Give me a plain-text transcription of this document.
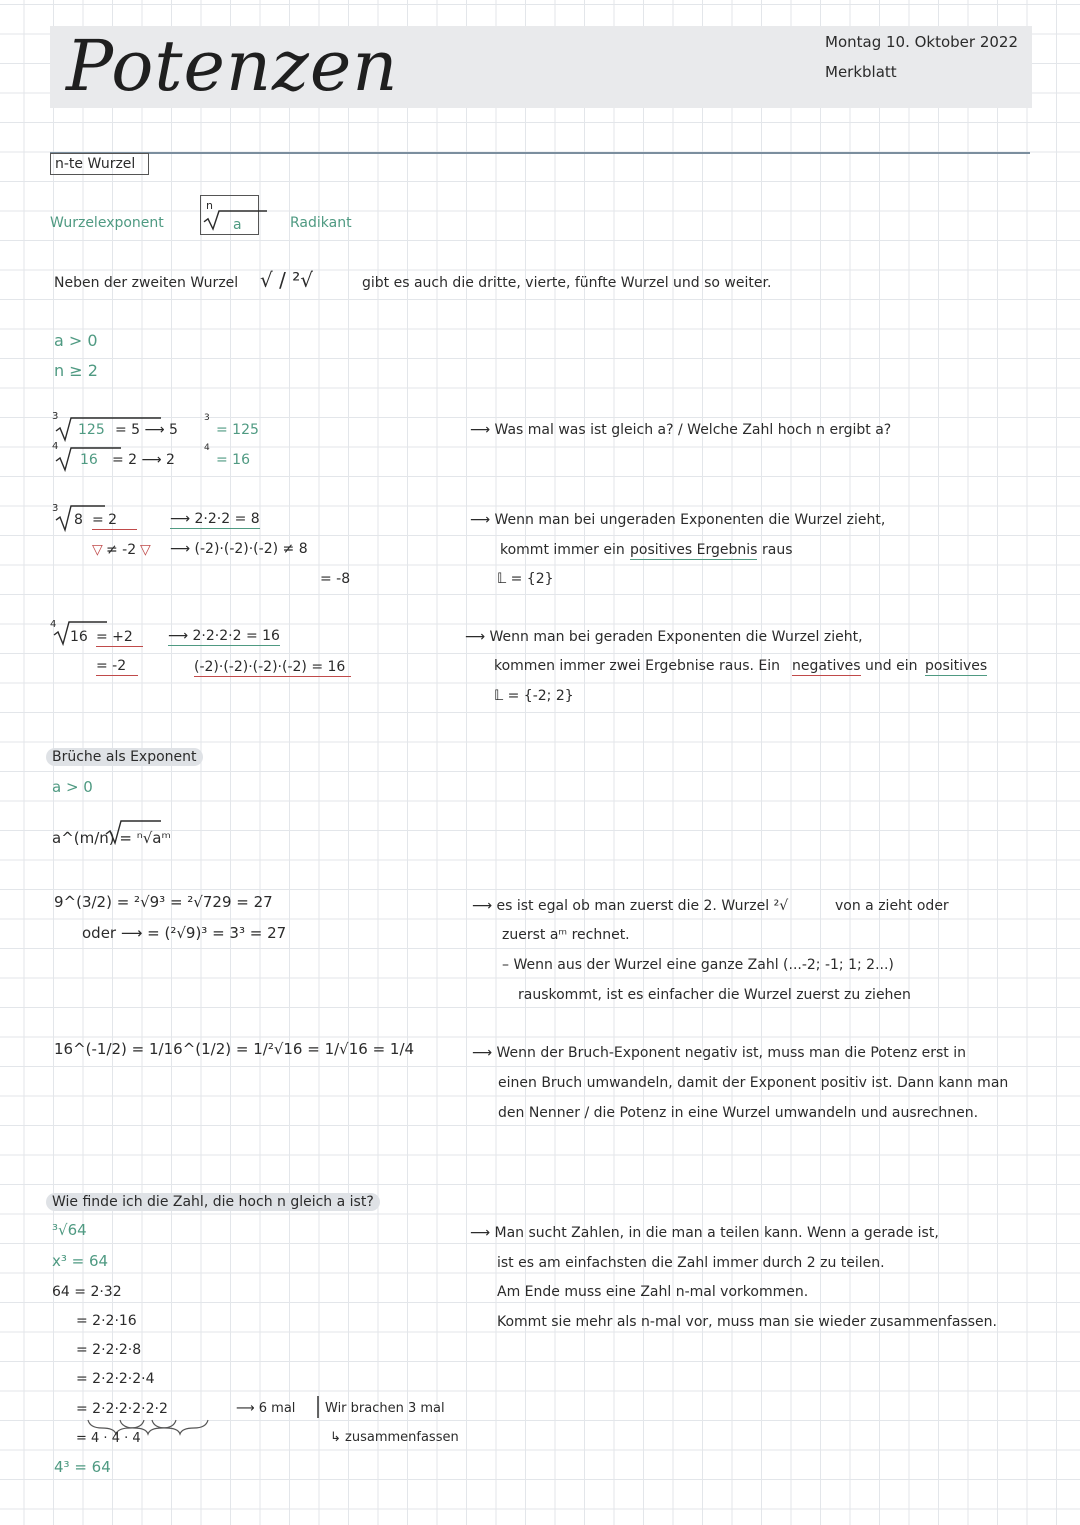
Potenzen	Montag 10. Oktober 2022
Merkblatt
n-te Wurzel
Wurzelexponent
n
a	Radikant
Neben der zweiten Wurzel √ / ²√	gibt es auch die dritte, vierte, fünfte Wurzel und so weiter.
a > 0
n ≥ 2
3
125 = 5 ⟶ 5
3
= 125
4
16 = 2 ⟶ 2
4
= 16
⟶ Was mal was ist gleich a? / Welche Zahl hoch n ergibt a?
3
8 = 2
▽ ≠ -2 ▽
⟶ 2·2·2 = 8
⟶ (-2)·(-2)·(-2) ≠ 8
= -8
⟶ Wenn man bei ungeraden Exponenten die Wurzel zieht,
kommt immer ein positives Ergebnis raus
𝕃 = {2}
4
16 = +2
= -2
⟶ 2·2·2·2 = 16
(-2)·(-2)·(-2)·(-2) = 16
⟶ Wenn man bei geraden Exponenten die Wurzel zieht,
kommen immer zwei Ergebnise raus. Ein negatives und ein positives
𝕃 = {-2; 2}
Brüche als Exponent
a > 0
a^(m/n) = ⁿ√aᵐ
9^(3/2) = ²√9³ = ²√729 = 27
oder ⟶ = (²√9)³ = 3³ = 27
⟶ es ist egal ob man zuerst die 2. Wurzel ²√	von a zieht oder
zuerst aᵐ rechnet.
– Wenn aus der Wurzel eine ganze Zahl (...-2; -1; 1; 2...)
rauskommt, ist es einfacher die Wurzel zuerst zu ziehen
16^(-1/2) = 1/16^(1/2) = 1/²√16 = 1/√16 = 1/4	⟶ Wenn der Bruch-Exponent negativ ist, muss man die Potenz erst in
einen Bruch umwandeln, damit der Exponent positiv ist. Dann kann man
den Nenner / die Potenz in eine Wurzel umwandeln und ausrechnen.
Wie finde ich die Zahl, die hoch n gleich a ist?
³√64
x³ = 64
64 = 2·32
= 2·2·16
= 2·2·2·8
= 2·2·2·2·4
= 2·2·2·2·2·2
= 4 · 4 · 4
4³ = 64
⟶ 6 mal Wir brachen 3 mal
↳ zusammenfassen
⟶ Man sucht Zahlen, in die man a teilen kann. Wenn a gerade ist,
ist es am einfachsten die Zahl immer durch 2 zu teilen.
Am Ende muss eine Zahl n-mal vorkommen.
Kommt sie mehr als n-mal vor, muss man sie wieder zusammenfassen.
